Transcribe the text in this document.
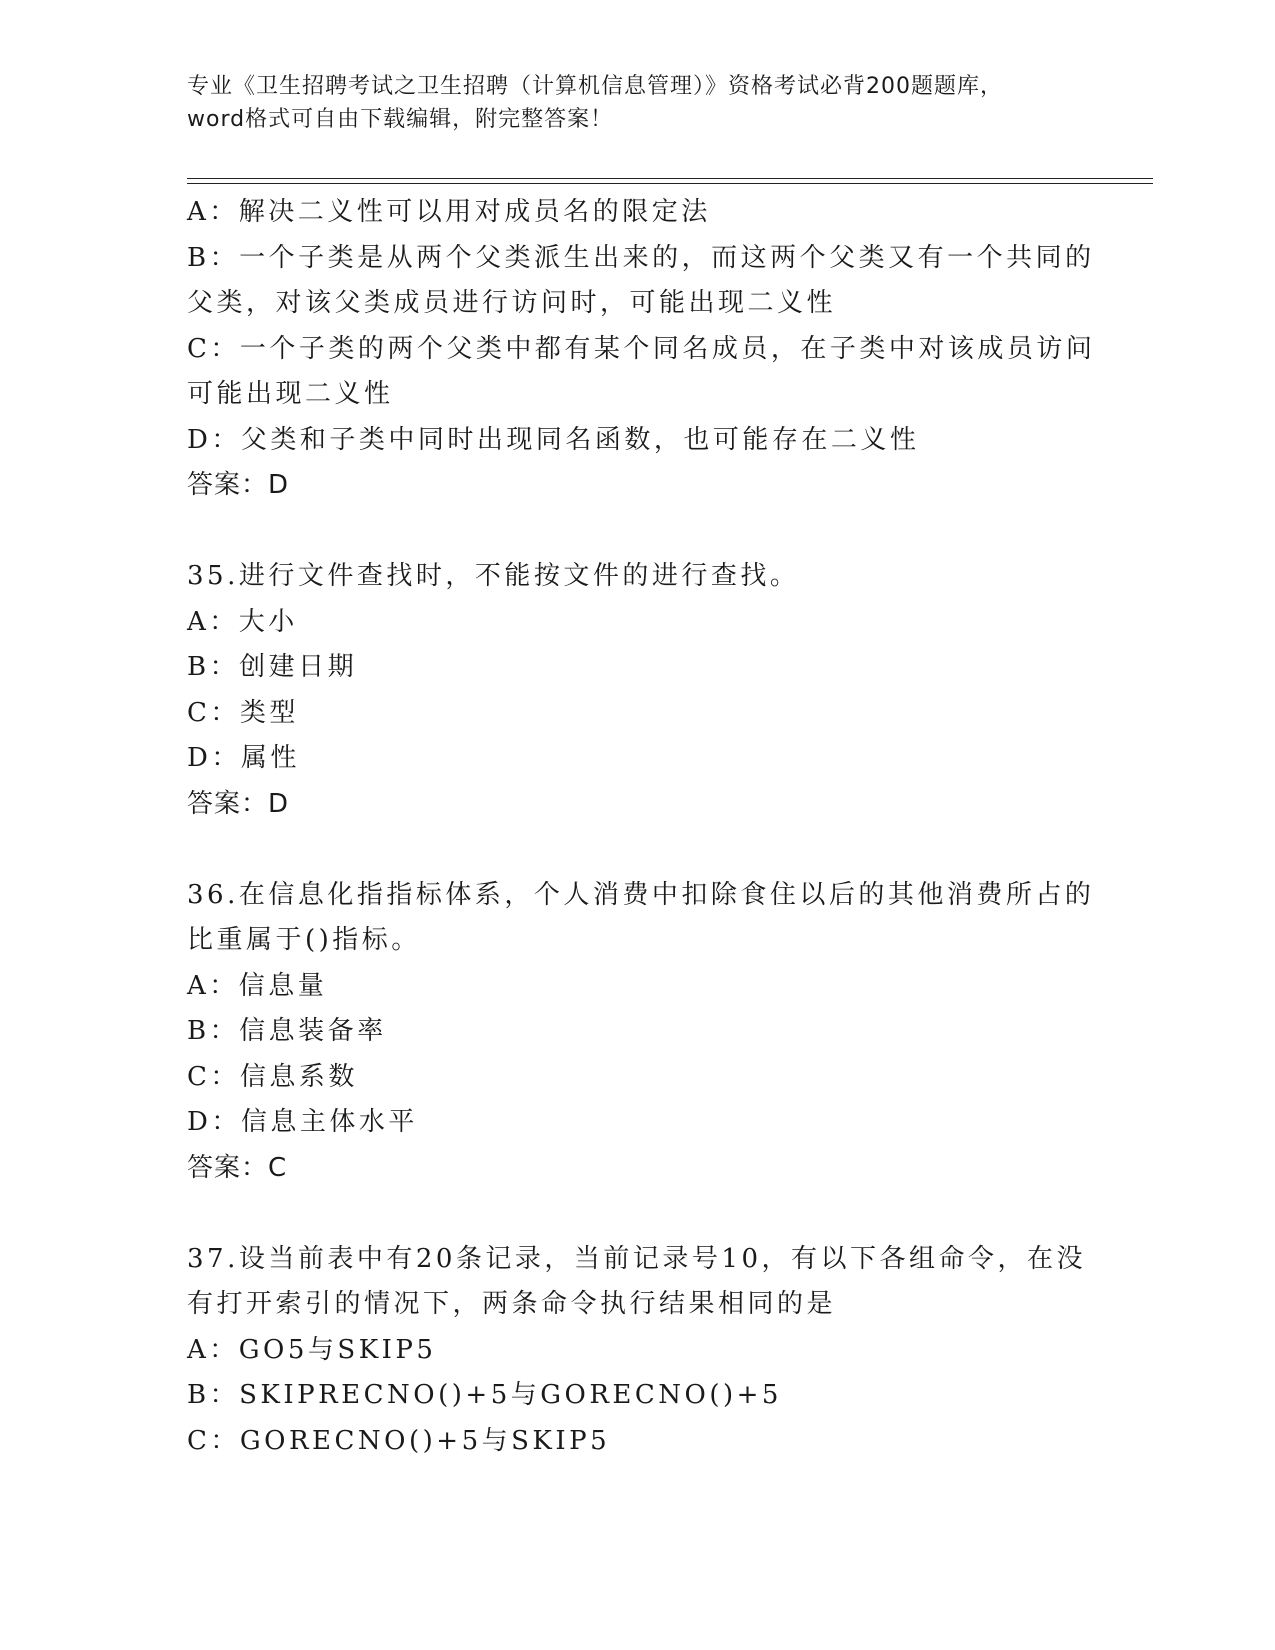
专业《卫生招聘考试之卫生招聘（计算机信息管理）》资格考试必背200题题库，
word格式可自由下载编辑，附完整答案！
A：解决二义性可以用对成员名的限定法
B：一个子类是从两个父类派生出来的，而这两个父类又有一个共同的
父类，对该父类成员进行访问时，可能出现二义性
C：一个子类的两个父类中都有某个同名成员，在子类中对该成员访问
可能出现二义性
D：父类和子类中同时出现同名函数，也可能存在二义性
答案：D
35.进行文件查找时，不能按文件的进行查找。
A：大小
B：创建日期
C：类型
D：属性
答案：D
36.在信息化指指标体系，个人消费中扣除食住以后的其他消费所占的
比重属于()指标。
A：信息量
B：信息装备率
C：信息系数
D：信息主体水平
答案：C
37.设当前表中有20条记录，当前记录号10，有以下各组命令，在没
有打开索引的情况下，两条命令执行结果相同的是
A：GO5与SKIP5
B：SKIPRECNO()+5与GORECNO()+5
C：GORECNO()+5与SKIP5
